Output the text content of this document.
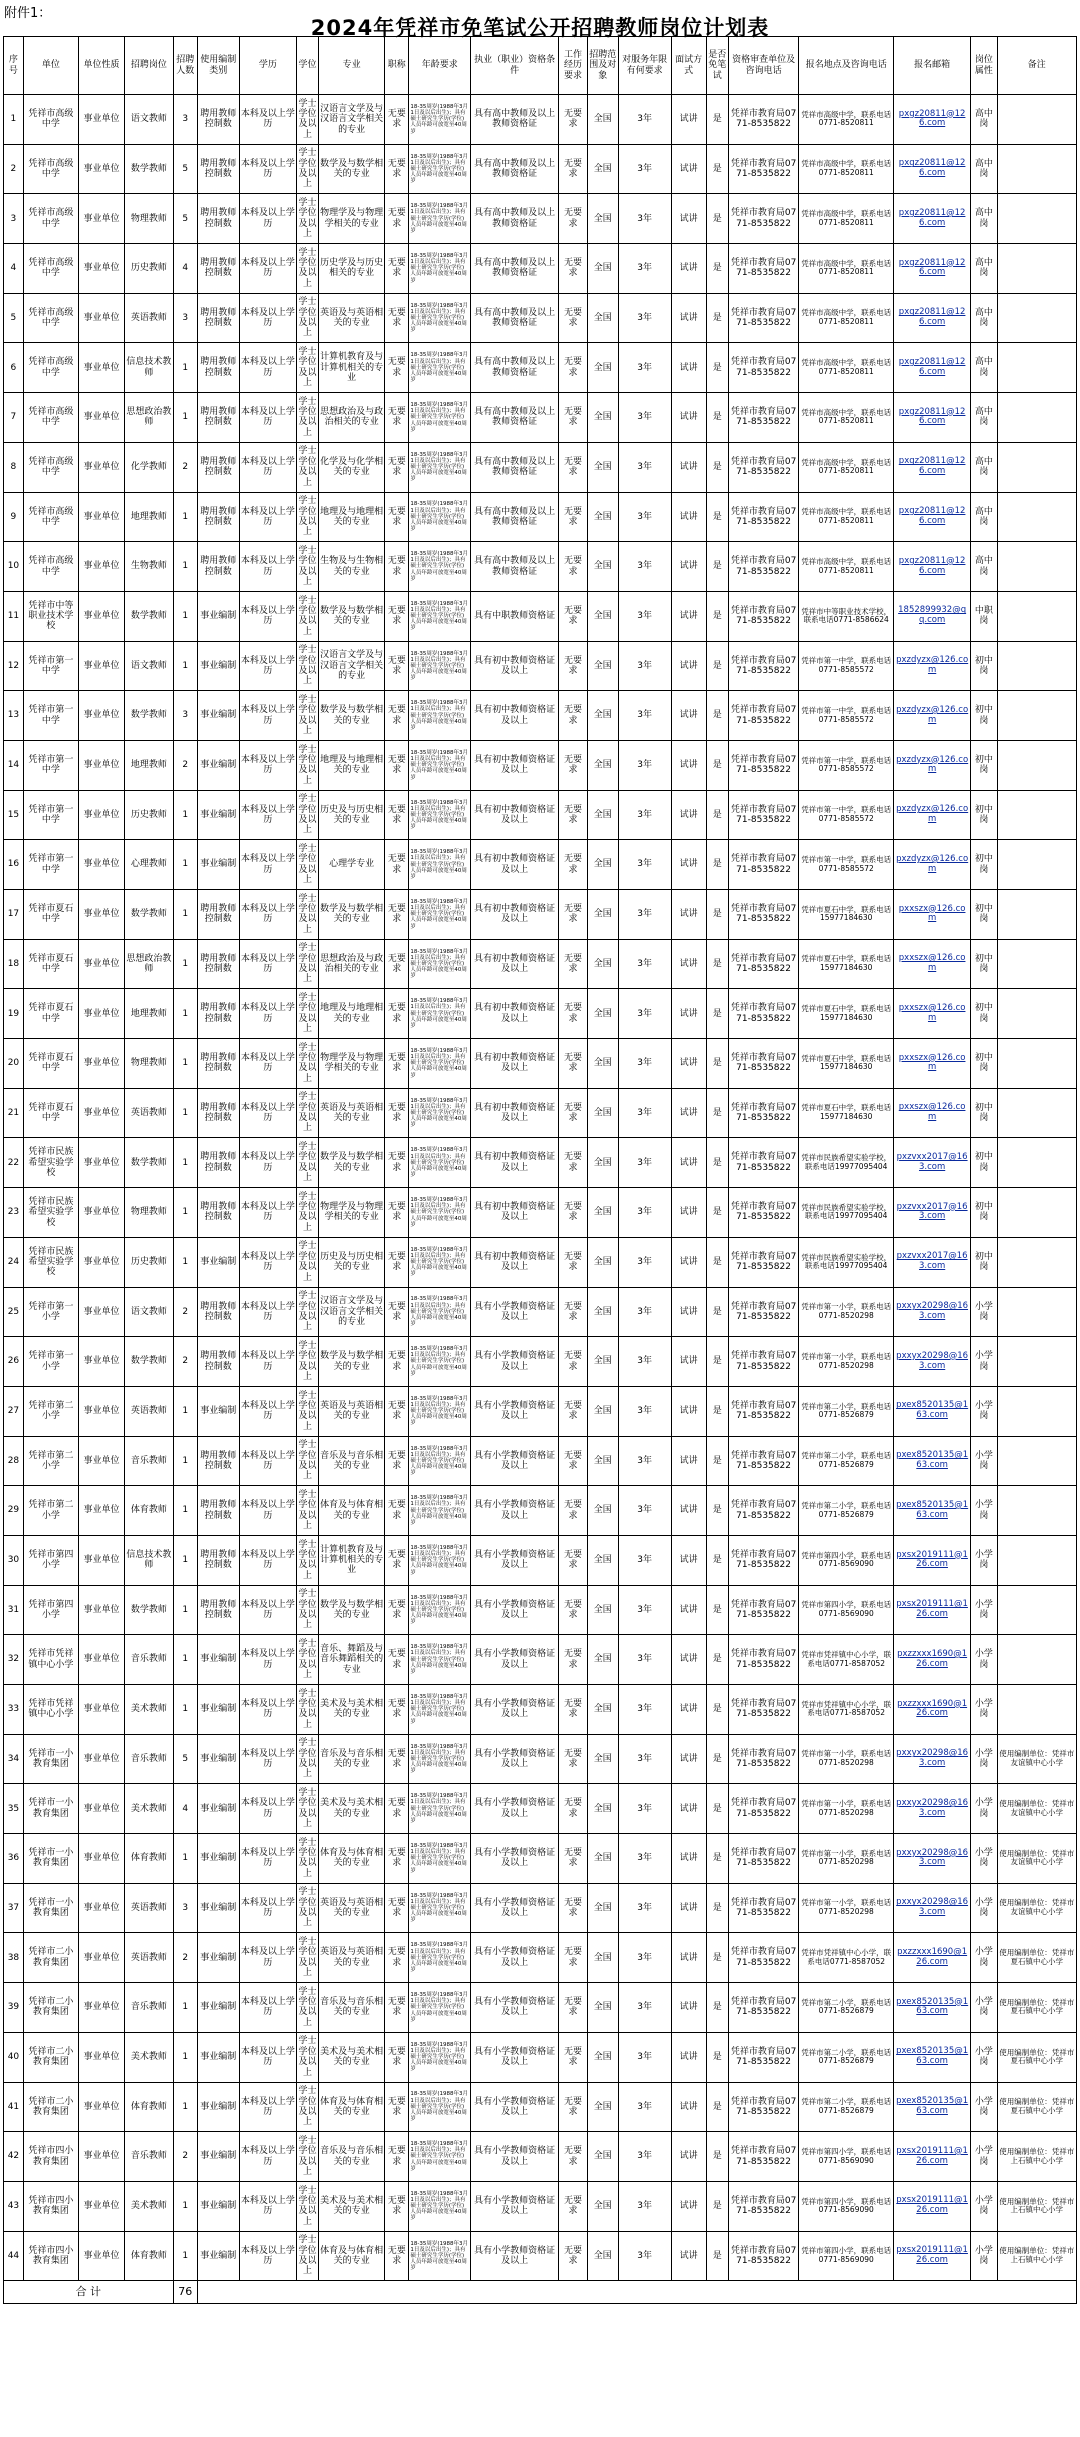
附件1：
2024年凭祥市免笔试公开招聘教师岗位计划表
序号	单位	单位性质	招聘岗位	招聘人数	使用编制类别	学历	学位	专业	职称	年龄要求	执业（职业）资格条件	工作经历要求	招聘范围及对象	对服务年限有何要求	面试方式	是否免笔试	资格审查单位及咨询电话	报名地点及咨询电话	报名邮箱	岗位属性	备注
1	凭祥市高级中学	事业单位	语文教师	3	聘用教师控制数	本科及以上学历	学士学位及以上	汉语言文学及与汉语言文学相关的专业	无要求	18-35周岁(1988年3月1日及以后出生)；具有硕士研究生学历(学位)人员年龄可放宽至40周岁	具有高中教师及以上教师资格证	无要求	全国	3年	试讲	是	凭祥市教育局0771-8535822	凭祥市高级中学，联系电话0771-8520811	pxgz20811@126.com	高中岗	
2	凭祥市高级中学	事业单位	数学教师	5	聘用教师控制数	本科及以上学历	学士学位及以上	数学及与数学相关的专业	无要求	18-35周岁(1988年3月1日及以后出生)；具有硕士研究生学历(学位)人员年龄可放宽至40周岁	具有高中教师及以上教师资格证	无要求	全国	3年	试讲	是	凭祥市教育局0771-8535822	凭祥市高级中学，联系电话0771-8520811	pxgz20811@126.com	高中岗	
3	凭祥市高级中学	事业单位	物理教师	5	聘用教师控制数	本科及以上学历	学士学位及以上	物理学及与物理学相关的专业	无要求	18-35周岁(1988年3月1日及以后出生)；具有硕士研究生学历(学位)人员年龄可放宽至40周岁	具有高中教师及以上教师资格证	无要求	全国	3年	试讲	是	凭祥市教育局0771-8535822	凭祥市高级中学，联系电话0771-8520811	pxgz20811@126.com	高中岗	
4	凭祥市高级中学	事业单位	历史教师	4	聘用教师控制数	本科及以上学历	学士学位及以上	历史学及与历史相关的专业	无要求	18-35周岁(1988年3月1日及以后出生)；具有硕士研究生学历(学位)人员年龄可放宽至40周岁	具有高中教师及以上教师资格证	无要求	全国	3年	试讲	是	凭祥市教育局0771-8535822	凭祥市高级中学，联系电话0771-8520811	pxgz20811@126.com	高中岗	
5	凭祥市高级中学	事业单位	英语教师	3	聘用教师控制数	本科及以上学历	学士学位及以上	英语及与英语相关的专业	无要求	18-35周岁(1988年3月1日及以后出生)；具有硕士研究生学历(学位)人员年龄可放宽至40周岁	具有高中教师及以上教师资格证	无要求	全国	3年	试讲	是	凭祥市教育局0771-8535822	凭祥市高级中学，联系电话0771-8520811	pxgz20811@126.com	高中岗	
6	凭祥市高级中学	事业单位	信息技术教师	1	聘用教师控制数	本科及以上学历	学士学位及以上	计算机教育及与计算机相关的专业	无要求	18-35周岁(1988年3月1日及以后出生)；具有硕士研究生学历(学位)人员年龄可放宽至40周岁	具有高中教师及以上教师资格证	无要求	全国	3年	试讲	是	凭祥市教育局0771-8535822	凭祥市高级中学，联系电话0771-8520811	pxgz20811@126.com	高中岗	
7	凭祥市高级中学	事业单位	思想政治教师	1	聘用教师控制数	本科及以上学历	学士学位及以上	思想政治及与政治相关的专业	无要求	18-35周岁(1988年3月1日及以后出生)；具有硕士研究生学历(学位)人员年龄可放宽至40周岁	具有高中教师及以上教师资格证	无要求	全国	3年	试讲	是	凭祥市教育局0771-8535822	凭祥市高级中学，联系电话0771-8520811	pxgz20811@126.com	高中岗	
8	凭祥市高级中学	事业单位	化学教师	2	聘用教师控制数	本科及以上学历	学士学位及以上	化学及与化学相关的专业	无要求	18-35周岁(1988年3月1日及以后出生)；具有硕士研究生学历(学位)人员年龄可放宽至40周岁	具有高中教师及以上教师资格证	无要求	全国	3年	试讲	是	凭祥市教育局0771-8535822	凭祥市高级中学，联系电话0771-8520811	pxgz20811@126.com	高中岗	
9	凭祥市高级中学	事业单位	地理教师	1	聘用教师控制数	本科及以上学历	学士学位及以上	地理及与地理相关的专业	无要求	18-35周岁(1988年3月1日及以后出生)；具有硕士研究生学历(学位)人员年龄可放宽至40周岁	具有高中教师及以上教师资格证	无要求	全国	3年	试讲	是	凭祥市教育局0771-8535822	凭祥市高级中学，联系电话0771-8520811	pxgz20811@126.com	高中岗	
10	凭祥市高级中学	事业单位	生物教师	1	聘用教师控制数	本科及以上学历	学士学位及以上	生物及与生物相关的专业	无要求	18-35周岁(1988年3月1日及以后出生)；具有硕士研究生学历(学位)人员年龄可放宽至40周岁	具有高中教师及以上教师资格证	无要求	全国	3年	试讲	是	凭祥市教育局0771-8535822	凭祥市高级中学，联系电话0771-8520811	pxgz20811@126.com	高中岗	
11	凭祥市中等职业技术学校	事业单位	数学教师	1	事业编制	本科及以上学历	学士学位及以上	数学及与数学相关的专业	无要求	18-35周岁(1988年3月1日及以后出生)；具有硕士研究生学历(学位)人员年龄可放宽至40周岁	具有中职教师资格证	无要求	全国	3年	试讲	是	凭祥市教育局0771-8535822	凭祥市中等职业技术学校，联系电话0771-8586624	1852899932@qq.com	中职岗	
12	凭祥市第一中学	事业单位	语文教师	1	事业编制	本科及以上学历	学士学位及以上	汉语言文学及与汉语言文学相关的专业	无要求	18-35周岁(1988年3月1日及以后出生)；具有硕士研究生学历(学位)人员年龄可放宽至40周岁	具有初中教师资格证及以上	无要求	全国	3年	试讲	是	凭祥市教育局0771-8535822	凭祥市第一中学，联系电话0771-8585572	pxzdyzx@126.com	初中岗	
13	凭祥市第一中学	事业单位	数学教师	3	事业编制	本科及以上学历	学士学位及以上	数学及与数学相关的专业	无要求	18-35周岁(1988年3月1日及以后出生)；具有硕士研究生学历(学位)人员年龄可放宽至40周岁	具有初中教师资格证及以上	无要求	全国	3年	试讲	是	凭祥市教育局0771-8535822	凭祥市第一中学，联系电话0771-8585572	pxzdyzx@126.com	初中岗	
14	凭祥市第一中学	事业单位	地理教师	2	事业编制	本科及以上学历	学士学位及以上	地理及与地理相关的专业	无要求	18-35周岁(1988年3月1日及以后出生)；具有硕士研究生学历(学位)人员年龄可放宽至40周岁	具有初中教师资格证及以上	无要求	全国	3年	试讲	是	凭祥市教育局0771-8535822	凭祥市第一中学，联系电话0771-8585572	pxzdyzx@126.com	初中岗	
15	凭祥市第一中学	事业单位	历史教师	1	事业编制	本科及以上学历	学士学位及以上	历史及与历史相关的专业	无要求	18-35周岁(1988年3月1日及以后出生)；具有硕士研究生学历(学位)人员年龄可放宽至40周岁	具有初中教师资格证及以上	无要求	全国	3年	试讲	是	凭祥市教育局0771-8535822	凭祥市第一中学，联系电话0771-8585572	pxzdyzx@126.com	初中岗	
16	凭祥市第一中学	事业单位	心理教师	1	事业编制	本科及以上学历	学士学位及以上	心理学专业	无要求	18-35周岁(1988年3月1日及以后出生)；具有硕士研究生学历(学位)人员年龄可放宽至40周岁	具有初中教师资格证及以上	无要求	全国	3年	试讲	是	凭祥市教育局0771-8535822	凭祥市第一中学，联系电话0771-8585572	pxzdyzx@126.com	初中岗	
17	凭祥市夏石中学	事业单位	数学教师	1	聘用教师控制数	本科及以上学历	学士学位及以上	数学及与数学相关的专业	无要求	18-35周岁(1988年3月1日及以后出生)；具有硕士研究生学历(学位)人员年龄可放宽至40周岁	具有初中教师资格证及以上	无要求	全国	3年	试讲	是	凭祥市教育局0771-8535822	凭祥市夏石中学，联系电话15977184630	pxxszx@126.com	初中岗	
18	凭祥市夏石中学	事业单位	思想政治教师	1	聘用教师控制数	本科及以上学历	学士学位及以上	思想政治及与政治相关的专业	无要求	18-35周岁(1988年3月1日及以后出生)；具有硕士研究生学历(学位)人员年龄可放宽至40周岁	具有初中教师资格证及以上	无要求	全国	3年	试讲	是	凭祥市教育局0771-8535822	凭祥市夏石中学，联系电话15977184630	pxxszx@126.com	初中岗	
19	凭祥市夏石中学	事业单位	地理教师	1	聘用教师控制数	本科及以上学历	学士学位及以上	地理及与地理相关的专业	无要求	18-35周岁(1988年3月1日及以后出生)；具有硕士研究生学历(学位)人员年龄可放宽至40周岁	具有初中教师资格证及以上	无要求	全国	3年	试讲	是	凭祥市教育局0771-8535822	凭祥市夏石中学，联系电话15977184630	pxxszx@126.com	初中岗	
20	凭祥市夏石中学	事业单位	物理教师	1	聘用教师控制数	本科及以上学历	学士学位及以上	物理学及与物理学相关的专业	无要求	18-35周岁(1988年3月1日及以后出生)；具有硕士研究生学历(学位)人员年龄可放宽至40周岁	具有初中教师资格证及以上	无要求	全国	3年	试讲	是	凭祥市教育局0771-8535822	凭祥市夏石中学，联系电话15977184630	pxxszx@126.com	初中岗	
21	凭祥市夏石中学	事业单位	英语教师	1	聘用教师控制数	本科及以上学历	学士学位及以上	英语及与英语相关的专业	无要求	18-35周岁(1988年3月1日及以后出生)；具有硕士研究生学历(学位)人员年龄可放宽至40周岁	具有初中教师资格证及以上	无要求	全国	3年	试讲	是	凭祥市教育局0771-8535822	凭祥市夏石中学，联系电话15977184630	pxxszx@126.com	初中岗	
22	凭祥市民族希望实验学校	事业单位	数学教师	1	聘用教师控制数	本科及以上学历	学士学位及以上	数学及与数学相关的专业	无要求	18-35周岁(1988年3月1日及以后出生)；具有硕士研究生学历(学位)人员年龄可放宽至40周岁	具有初中教师资格证及以上	无要求	全国	3年	试讲	是	凭祥市教育局0771-8535822	凭祥市民族希望实验学校，联系电话19977095404	pxzvxx2017@163.com	初中岗	
23	凭祥市民族希望实验学校	事业单位	物理教师	1	聘用教师控制数	本科及以上学历	学士学位及以上	物理学及与物理学相关的专业	无要求	18-35周岁(1988年3月1日及以后出生)；具有硕士研究生学历(学位)人员年龄可放宽至40周岁	具有初中教师资格证及以上	无要求	全国	3年	试讲	是	凭祥市教育局0771-8535822	凭祥市民族希望实验学校，联系电话19977095404	pxzvxx2017@163.com	初中岗	
24	凭祥市民族希望实验学校	事业单位	历史教师	1	事业编制	本科及以上学历	学士学位及以上	历史及与历史相关的专业	无要求	18-35周岁(1988年3月1日及以后出生)；具有硕士研究生学历(学位)人员年龄可放宽至40周岁	具有初中教师资格证及以上	无要求	全国	3年	试讲	是	凭祥市教育局0771-8535822	凭祥市民族希望实验学校，联系电话19977095404	pxzvxx2017@163.com	初中岗	
25	凭祥市第一小学	事业单位	语文教师	2	聘用教师控制数	本科及以上学历	学士学位及以上	汉语言文学及与汉语言文学相关的专业	无要求	18-35周岁(1988年3月1日及以后出生)；具有硕士研究生学历(学位)人员年龄可放宽至40周岁	具有小学教师资格证及以上	无要求	全国	3年	试讲	是	凭祥市教育局0771-8535822	凭祥市第一小学，联系电话0771-8520298	pxxyx20298@163.com	小学岗	
26	凭祥市第一小学	事业单位	数学教师	2	聘用教师控制数	本科及以上学历	学士学位及以上	数学及与数学相关的专业	无要求	18-35周岁(1988年3月1日及以后出生)；具有硕士研究生学历(学位)人员年龄可放宽至40周岁	具有小学教师资格证及以上	无要求	全国	3年	试讲	是	凭祥市教育局0771-8535822	凭祥市第一小学，联系电话0771-8520298	pxxyx20298@163.com	小学岗	
27	凭祥市第二小学	事业单位	英语教师	1	事业编制	本科及以上学历	学士学位及以上	英语及与英语相关的专业	无要求	18-35周岁(1988年3月1日及以后出生)；具有硕士研究生学历(学位)人员年龄可放宽至40周岁	具有小学教师资格证及以上	无要求	全国	3年	试讲	是	凭祥市教育局0771-8535822	凭祥市第二小学，联系电话0771-8526879	pxex8520135@163.com	小学岗	
28	凭祥市第二小学	事业单位	音乐教师	1	聘用教师控制数	本科及以上学历	学士学位及以上	音乐及与音乐相关的专业	无要求	18-35周岁(1988年3月1日及以后出生)；具有硕士研究生学历(学位)人员年龄可放宽至40周岁	具有小学教师资格证及以上	无要求	全国	3年	试讲	是	凭祥市教育局0771-8535822	凭祥市第二小学，联系电话0771-8526879	pxex8520135@163.com	小学岗	
29	凭祥市第二小学	事业单位	体育教师	1	聘用教师控制数	本科及以上学历	学士学位及以上	体育及与体育相关的专业	无要求	18-35周岁(1988年3月1日及以后出生)；具有硕士研究生学历(学位)人员年龄可放宽至40周岁	具有小学教师资格证及以上	无要求	全国	3年	试讲	是	凭祥市教育局0771-8535822	凭祥市第二小学，联系电话0771-8526879	pxex8520135@163.com	小学岗	
30	凭祥市第四小学	事业单位	信息技术教师	1	聘用教师控制数	本科及以上学历	学士学位及以上	计算机教育及与计算机相关的专业	无要求	18-35周岁(1988年3月1日及以后出生)；具有硕士研究生学历(学位)人员年龄可放宽至40周岁	具有小学教师资格证及以上	无要求	全国	3年	试讲	是	凭祥市教育局0771-8535822	凭祥市第四小学，联系电话0771-8569090	pxsx2019111@126.com	小学岗	
31	凭祥市第四小学	事业单位	数学教师	1	聘用教师控制数	本科及以上学历	学士学位及以上	数学及与数学相关的专业	无要求	18-35周岁(1988年3月1日及以后出生)；具有硕士研究生学历(学位)人员年龄可放宽至40周岁	具有小学教师资格证及以上	无要求	全国	3年	试讲	是	凭祥市教育局0771-8535822	凭祥市第四小学，联系电话0771-8569090	pxsx2019111@126.com	小学岗	
32	凭祥市凭祥镇中心小学	事业单位	音乐教师	1	事业编制	本科及以上学历	学士学位及以上	音乐、舞蹈及与音乐舞蹈相关的专业	无要求	18-35周岁(1988年3月1日及以后出生)；具有硕士研究生学历(学位)人员年龄可放宽至40周岁	具有小学教师资格证及以上	无要求	全国	3年	试讲	是	凭祥市教育局0771-8535822	凭祥市凭祥镇中心小学，联系电话0771-8587052	pxzzxxx1690@126.com	小学岗	
33	凭祥市凭祥镇中心小学	事业单位	美术教师	1	事业编制	本科及以上学历	学士学位及以上	美术及与美术相关的专业	无要求	18-35周岁(1988年3月1日及以后出生)；具有硕士研究生学历(学位)人员年龄可放宽至40周岁	具有小学教师资格证及以上	无要求	全国	3年	试讲	是	凭祥市教育局0771-8535822	凭祥市凭祥镇中心小学，联系电话0771-8587052	pxzzxxx1690@126.com	小学岗	
34	凭祥市一小教育集团	事业单位	音乐教师	5	事业编制	本科及以上学历	学士学位及以上	音乐及与音乐相关的专业	无要求	18-35周岁(1988年3月1日及以后出生)；具有硕士研究生学历(学位)人员年龄可放宽至40周岁	具有小学教师资格证及以上	无要求	全国	3年	试讲	是	凭祥市教育局0771-8535822	凭祥市第一小学，联系电话0771-8520298	pxxyx20298@163.com	小学岗	使用编制单位：凭祥市友谊镇中心小学
35	凭祥市一小教育集团	事业单位	美术教师	4	事业编制	本科及以上学历	学士学位及以上	美术及与美术相关的专业	无要求	18-35周岁(1988年3月1日及以后出生)；具有硕士研究生学历(学位)人员年龄可放宽至40周岁	具有小学教师资格证及以上	无要求	全国	3年	试讲	是	凭祥市教育局0771-8535822	凭祥市第一小学，联系电话0771-8520298	pxxyx20298@163.com	小学岗	使用编制单位：凭祥市友谊镇中心小学
36	凭祥市一小教育集团	事业单位	体育教师	1	事业编制	本科及以上学历	学士学位及以上	体育及与体育相关的专业	无要求	18-35周岁(1988年3月1日及以后出生)；具有硕士研究生学历(学位)人员年龄可放宽至40周岁	具有小学教师资格证及以上	无要求	全国	3年	试讲	是	凭祥市教育局0771-8535822	凭祥市第一小学，联系电话0771-8520298	pxxyx20298@163.com	小学岗	使用编制单位：凭祥市友谊镇中心小学
37	凭祥市一小教育集团	事业单位	英语教师	3	事业编制	本科及以上学历	学士学位及以上	英语及与英语相关的专业	无要求	18-35周岁(1988年3月1日及以后出生)；具有硕士研究生学历(学位)人员年龄可放宽至40周岁	具有小学教师资格证及以上	无要求	全国	3年	试讲	是	凭祥市教育局0771-8535822	凭祥市第一小学，联系电话0771-8520298	pxxyx20298@163.com	小学岗	使用编制单位：凭祥市友谊镇中心小学
38	凭祥市二小教育集团	事业单位	英语教师	2	事业编制	本科及以上学历	学士学位及以上	英语及与英语相关的专业	无要求	18-35周岁(1988年3月1日及以后出生)；具有硕士研究生学历(学位)人员年龄可放宽至40周岁	具有小学教师资格证及以上	无要求	全国	3年	试讲	是	凭祥市教育局0771-8535822	凭祥市凭祥镇中心小学，联系电话0771-8587052	pxzzxxx1690@126.com	小学岗	使用编制单位：凭祥市夏石镇中心小学
39	凭祥市二小教育集团	事业单位	音乐教师	1	事业编制	本科及以上学历	学士学位及以上	音乐及与音乐相关的专业	无要求	18-35周岁(1988年3月1日及以后出生)；具有硕士研究生学历(学位)人员年龄可放宽至40周岁	具有小学教师资格证及以上	无要求	全国	3年	试讲	是	凭祥市教育局0771-8535822	凭祥市第二小学，联系电话0771-8526879	pxex8520135@163.com	小学岗	使用编制单位：凭祥市夏石镇中心小学
40	凭祥市二小教育集团	事业单位	美术教师	1	事业编制	本科及以上学历	学士学位及以上	美术及与美术相关的专业	无要求	18-35周岁(1988年3月1日及以后出生)；具有硕士研究生学历(学位)人员年龄可放宽至40周岁	具有小学教师资格证及以上	无要求	全国	3年	试讲	是	凭祥市教育局0771-8535822	凭祥市第二小学，联系电话0771-8526879	pxex8520135@163.com	小学岗	使用编制单位：凭祥市夏石镇中心小学
41	凭祥市二小教育集团	事业单位	体育教师	1	事业编制	本科及以上学历	学士学位及以上	体育及与体育相关的专业	无要求	18-35周岁(1988年3月1日及以后出生)；具有硕士研究生学历(学位)人员年龄可放宽至40周岁	具有小学教师资格证及以上	无要求	全国	3年	试讲	是	凭祥市教育局0771-8535822	凭祥市第二小学，联系电话0771-8526879	pxex8520135@163.com	小学岗	使用编制单位：凭祥市夏石镇中心小学
42	凭祥市四小教育集团	事业单位	音乐教师	2	事业编制	本科及以上学历	学士学位及以上	音乐及与音乐相关的专业	无要求	18-35周岁(1988年3月1日及以后出生)；具有硕士研究生学历(学位)人员年龄可放宽至40周岁	具有小学教师资格证及以上	无要求	全国	3年	试讲	是	凭祥市教育局0771-8535822	凭祥市第四小学，联系电话0771-8569090	pxsx2019111@126.com	小学岗	使用编制单位：凭祥市上石镇中心小学
43	凭祥市四小教育集团	事业单位	美术教师	1	事业编制	本科及以上学历	学士学位及以上	美术及与美术相关的专业	无要求	18-35周岁(1988年3月1日及以后出生)；具有硕士研究生学历(学位)人员年龄可放宽至40周岁	具有小学教师资格证及以上	无要求	全国	3年	试讲	是	凭祥市教育局0771-8535822	凭祥市第四小学，联系电话0771-8569090	pxsx2019111@126.com	小学岗	使用编制单位：凭祥市上石镇中心小学
44	凭祥市四小教育集团	事业单位	体育教师	1	事业编制	本科及以上学历	学士学位及以上	体育及与体育相关的专业	无要求	18-35周岁(1988年3月1日及以后出生)；具有硕士研究生学历(学位)人员年龄可放宽至40周岁	具有小学教师资格证及以上	无要求	全国	3年	试讲	是	凭祥市教育局0771-8535822	凭祥市第四小学，联系电话0771-8569090	pxsx2019111@126.com	小学岗	使用编制单位：凭祥市上石镇中心小学
合 计				76																	
